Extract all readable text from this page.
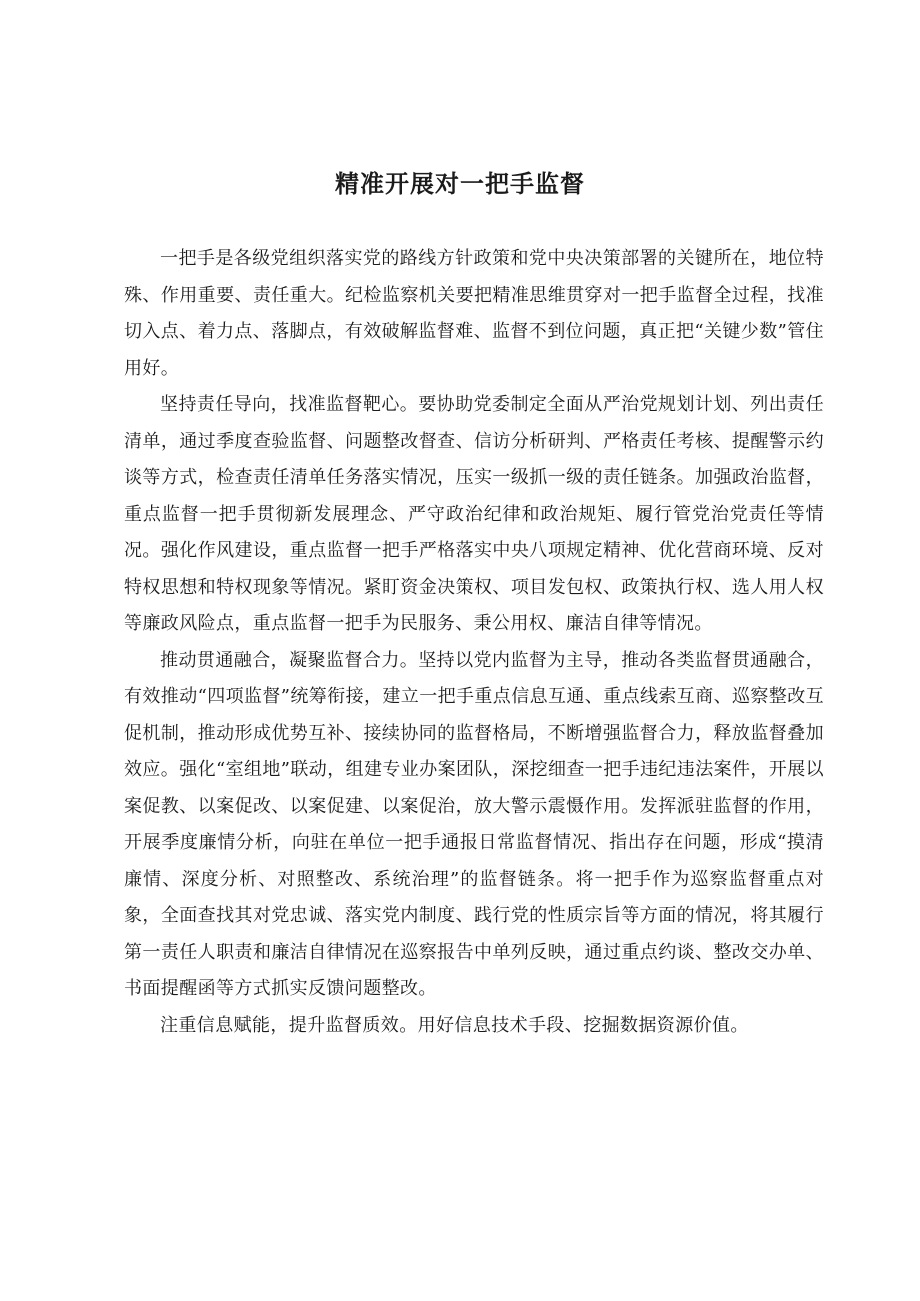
精准开展对一把手监督

一把手是各级党组织落实党的路线方针政策和党中央决策部署的关键所在，地位特殊、作用重要、责任重大。纪检监察机关要把精准思维贯穿对一把手监督全过程，找准切入点、着力点、落脚点，有效破解监督难、监督不到位问题，真正把“关键少数”管住用好。

坚持责任导向，找准监督靶心。要协助党委制定全面从严治党规划计划、列出责任清单，通过季度查验监督、问题整改督查、信访分析研判、严格责任考核、提醒警示约谈等方式，检查责任清单任务落实情况，压实一级抓一级的责任链条。加强政治监督，重点监督一把手贯彻新发展理念、严守政治纪律和政治规矩、履行管党治党责任等情况。强化作风建设，重点监督一把手严格落实中央八项规定精神、优化营商环境、反对特权思想和特权现象等情况。紧盯资金决策权、项目发包权、政策执行权、选人用人权等廉政风险点，重点监督一把手为民服务、秉公用权、廉洁自律等情况。

推动贯通融合，凝聚监督合力。坚持以党内监督为主导，推动各类监督贯通融合，有效推动“四项监督”统筹衔接，建立一把手重点信息互通、重点线索互商、巡察整改互促机制，推动形成优势互补、接续协同的监督格局，不断增强监督合力，释放监督叠加效应。强化“室组地”联动，组建专业办案团队，深挖细查一把手违纪违法案件，开展以案促教、以案促改、以案促建、以案促治，放大警示震慑作用。发挥派驻监督的作用，开展季度廉情分析，向驻在单位一把手通报日常监督情况、指出存在问题，形成“摸清廉情、深度分析、对照整改、系统治理”的监督链条。将一把手作为巡察监督重点对象，全面查找其对党忠诚、落实党内制度、践行党的性质宗旨等方面的情况，将其履行第一责任人职责和廉洁自律情况在巡察报告中单列反映，通过重点约谈、整改交办单、书面提醒函等方式抓实反馈问题整改。

注重信息赋能，提升监督质效。用好信息技术手段、挖掘数据资源价值。
